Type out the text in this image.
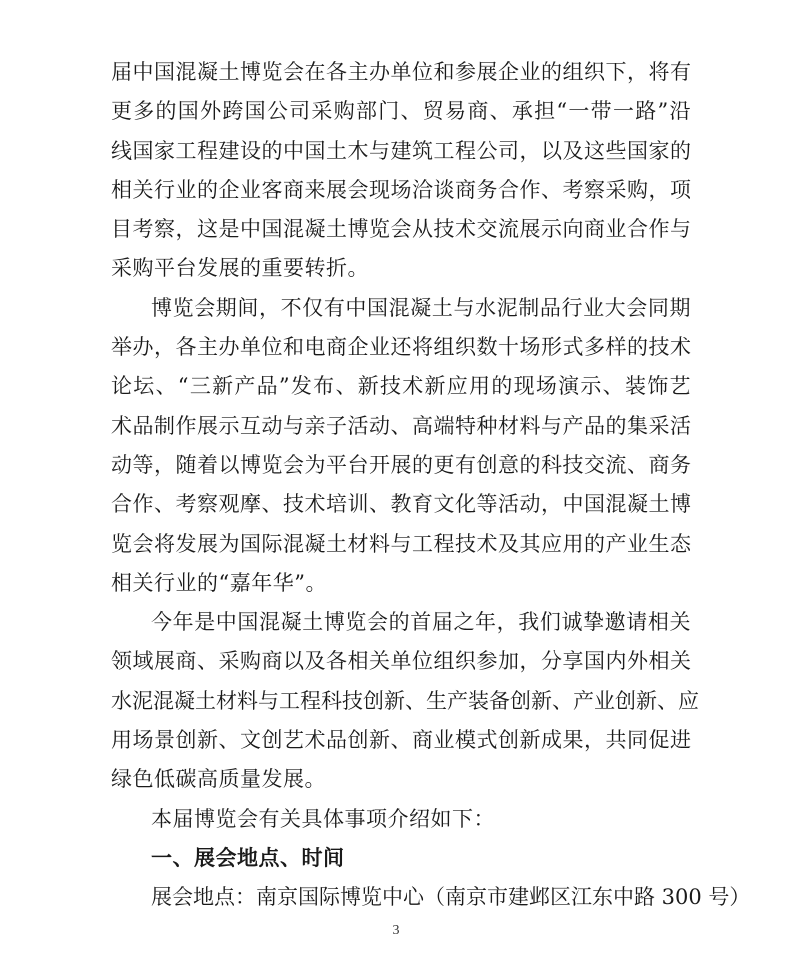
届中国混凝土博览会在各主办单位和参展企业的组织下，将有
更多的国外跨国公司采购部门、贸易商、承担“一带一路”沿
线国家工程建设的中国土木与建筑工程公司，以及这些国家的
相关行业的企业客商来展会现场洽谈商务合作、考察采购，项
目考察，这是中国混凝土博览会从技术交流展示向商业合作与
采购平台发展的重要转折。
博览会期间，不仅有中国混凝土与水泥制品行业大会同期
举办，各主办单位和电商企业还将组织数十场形式多样的技术
论坛、“三新产品”发布、新技术新应用的现场演示、装饰艺
术品制作展示互动与亲子活动、高端特种材料与产品的集采活
动等，随着以博览会为平台开展的更有创意的科技交流、商务
合作、考察观摩、技术培训、教育文化等活动，中国混凝土博
览会将发展为国际混凝土材料与工程技术及其应用的产业生态
相关行业的“嘉年华”。
今年是中国混凝土博览会的首届之年，我们诚挚邀请相关
领域展商、采购商以及各相关单位组织参加，分享国内外相关
水泥混凝土材料与工程科技创新、生产装备创新、产业创新、应
用场景创新、文创艺术品创新、商业模式创新成果，共同促进
绿色低碳高质量发展。
本届博览会有关具体事项介绍如下：
一、展会地点、时间
展会地点：南京国际博览中心（南京市建邺区江东中路 300 号）
3
